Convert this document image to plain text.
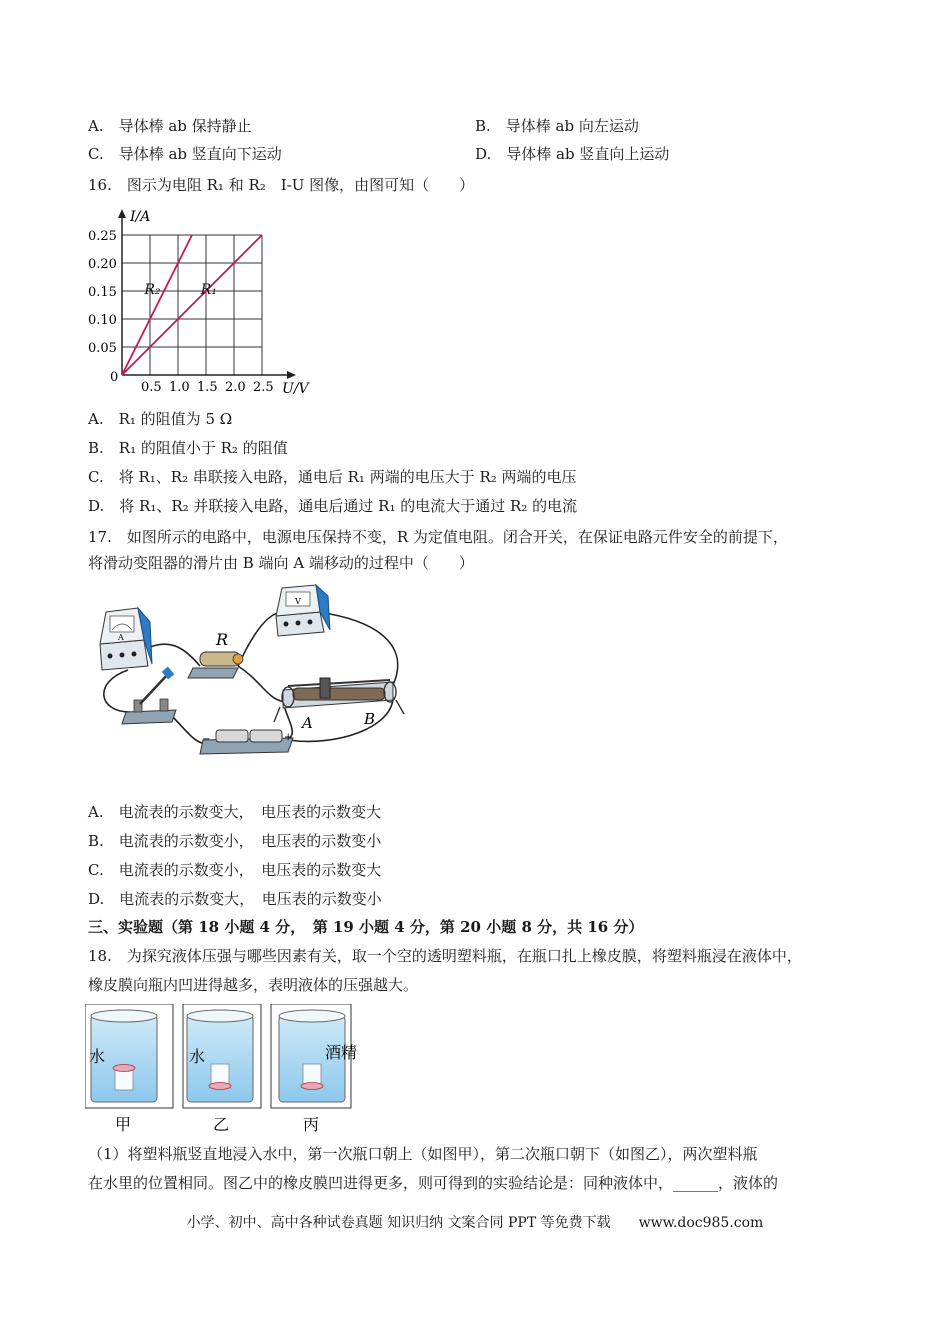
A.　导体棒 ab 保持静止	B.　导体棒 ab 向左运动
C.　导体棒 ab 竖直向下运动	D.　导体棒 ab 竖直向上运动
16.　图示为电阻 R₁ 和 R₂　I-U 图像，由图可知（　　）
0.5 1.0 1.5 2.0 2.5
0.05
0.10
0.15
0.20
0.25
0
U/V
I/A
R₂	R₁
A.　R₁ 的阻值为 5 Ω
B.　R₁ 的阻值小于 R₂ 的阻值
C.　将 R₁、R₂ 串联接入电路，通电后 R₁ 两端的电压大于 R₂ 两端的电压
D.　将 R₁、R₂ 并联接入电路，通电后通过 R₁ 的电流大于通过 R₂ 的电流
17.　如图所示的电路中，电源电压保持不变，R 为定值电阻。闭合开关，在保证电路元件安全的前提下，
将滑动变阻器的滑片由 B 端向 A 端移动的过程中（　　）
A	R
V
A	B
−	+
A.　电流表的示数变大，　电压表的示数变大
B.　电流表的示数变小，　电压表的示数变小
C.　电流表的示数变小，　电压表的示数变大
D.　电流表的示数变大，　电压表的示数变小
三、实验题（第 18 小题 4 分，　第 19 小题 4 分，第 20 小题 8 分，共 16 分）
18.　为探究液体压强与哪些因素有关，取一个空的透明塑料瓶，在瓶口扎上橡皮膜，将塑料瓶浸在液体中，
橡皮膜向瓶内凹进得越多，表明液体的压强越大。
水	水	酒精
甲	乙	丙
（1）将塑料瓶竖直地浸入水中，第一次瓶口朝上（如图甲），第二次瓶口朝下（如图乙），两次塑料瓶
在水里的位置相同。图乙中的橡皮膜凹进得更多，则可得到的实验结论是：同种液体中，______，液体的
小学、初中、高中各种试卷真题 知识归纳 文案合同 PPT 等免费下载　　www.doc985.com
